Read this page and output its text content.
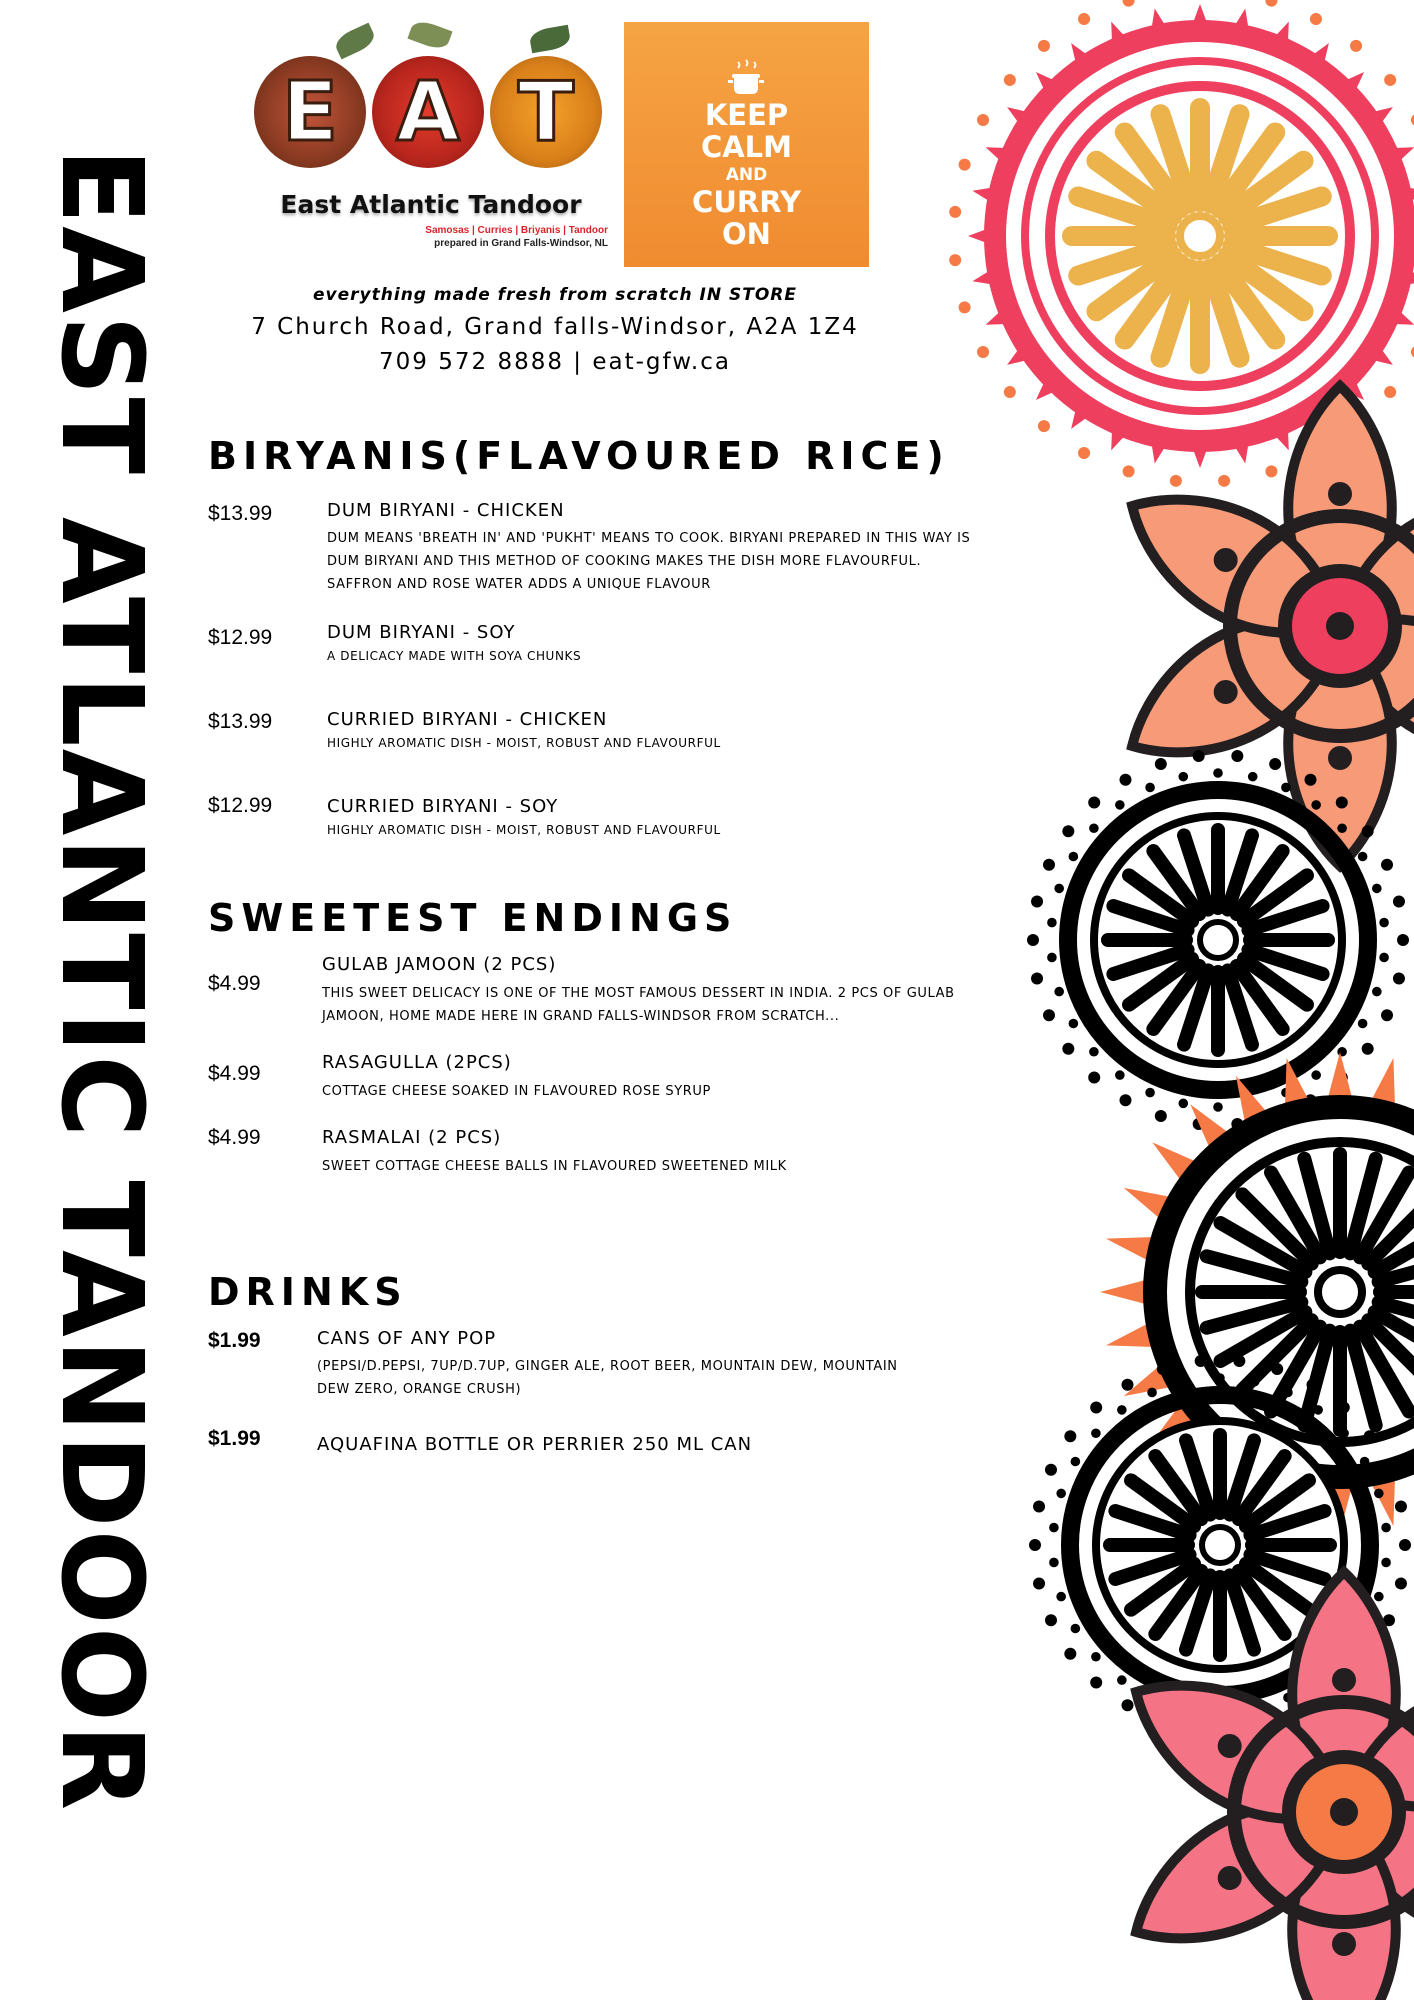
EAST ATLANTIC TANDOOR
E A T
East Atlantic Tandoor
Samosas | Curries | Briyanis | Tandoor
prepared in Grand Falls-Windsor, NL
KEEP
CALM
AND
CURRY
ON
everything made fresh from scratch IN STORE
7 Church Road, Grand falls-Windsor, A2A 1Z4
709 572 8888 | eat-gfw.ca
BIRYANIS(FLAVOURED RICE)
$13.99	DUM BIRYANI - CHICKEN
DUM MEANS 'BREATH IN' AND 'PUKHT' MEANS TO COOK. BIRYANI PREPARED IN THIS WAY IS
DUM BIRYANI AND THIS METHOD OF COOKING MAKES THE DISH MORE FLAVOURFUL.
SAFFRON AND ROSE WATER ADDS A UNIQUE FLAVOUR
$12.99	DUM BIRYANI - SOY
A DELICACY MADE WITH SOYA CHUNKS
$13.99	CURRIED BIRYANI - CHICKEN
HIGHLY AROMATIC DISH - MOIST, ROBUST AND FLAVOURFUL
$12.99	CURRIED BIRYANI - SOY
HIGHLY AROMATIC DISH - MOIST, ROBUST AND FLAVOURFUL
SWEETEST ENDINGS
$4.99
GULAB JAMOON (2 PCS)
THIS SWEET DELICACY IS ONE OF THE MOST FAMOUS DESSERT IN INDIA. 2 PCS OF GULAB
JAMOON, HOME MADE HERE IN GRAND FALLS-WINDSOR FROM SCRATCH...
$4.99	RASAGULLA (2PCS)
COTTAGE CHEESE SOAKED IN FLAVOURED ROSE SYRUP
$4.99	RASMALAI (2 PCS)
SWEET COTTAGE CHEESE BALLS IN FLAVOURED SWEETENED MILK
DRINKS
$1.99	CANS OF ANY POP
(PEPSI/D.PEPSI, 7UP/D.7UP, GINGER ALE, ROOT BEER, MOUNTAIN DEW, MOUNTAIN
DEW ZERO, ORANGE CRUSH)
$1.99	AQUAFINA BOTTLE OR PERRIER 250 ML CAN
